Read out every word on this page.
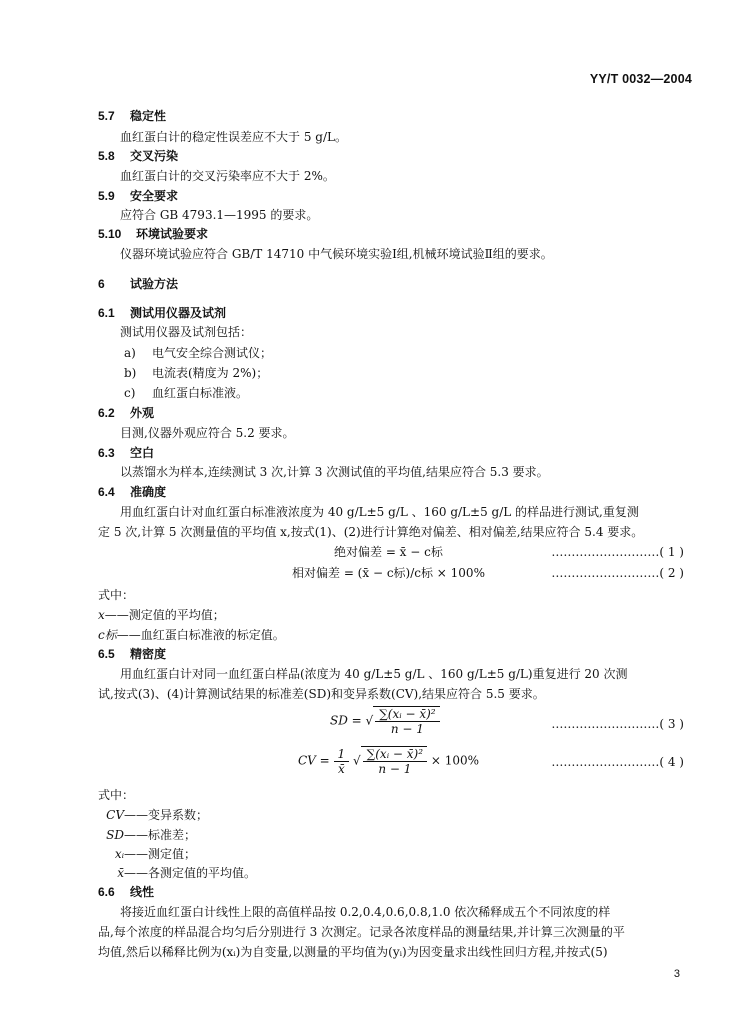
YY/T 0032—2004
5.7 稳定性
血红蛋白计的稳定性误差应不大于 5 g/L。
5.8 交叉污染
血红蛋白计的交叉污染率应不大于 2%。
5.9 安全要求
应符合 GB 4793.1—1995 的要求。
5.10 环境试验要求
仪器环境试验应符合 GB/T 14710 中气候环境实验Ⅰ组,机械环境试验Ⅱ组的要求。
6 试验方法
6.1 测试用仪器及试剂
测试用仪器及试剂包括：
a) 电气安全综合测试仪；
b) 电流表(精度为 2%)；
c) 血红蛋白标准液。
6.2 外观
目测,仪器外观应符合 5.2 要求。
6.3 空白
以蒸馏水为样本,连续测试 3 次,计算 3 次测试值的平均值,结果应符合 5.3 要求。
6.4 准确度
用血红蛋白计对血红蛋白标准液浓度为 40 g/L±5 g/L 、160 g/L±5 g/L 的样品进行测试,重复测
定 5 次,计算 5 次测量值的平均值 x,按式(1)、(2)进行计算绝对偏差、相对偏差,结果应符合 5.4 要求。
绝对偏差 = x̄ − c标	………………………( 1 )
相对偏差 = (x̄ − c标)/c标 × 100%	………………………( 2 )
式中：
x——测定值的平均值；
c标——血红蛋白标准液的标定值。
6.5 精密度
用血红蛋白计对同一血红蛋白样品(浓度为 40 g/L±5 g/L 、160 g/L±5 g/L)重复进行 20 次测
试,按式(3)、(4)计算测试结果的标准差(SD)和变异系数(CV),结果应符合 5.5 要求。
SD = √ $\frac{\text{∑(xᵢ − x̄)²}}{n - 1}$	………………………( 3 )
CV = $\frac{1}{x̄}$ √ $\frac{\text{∑(xᵢ − x̄)²}}{n - 1} \times 100\%$	………………………( 4 )
式中：
CV——变异系数；
SD——标准差；
xᵢ——测定值；
x̄——各测定值的平均值。
6.6 线性
将接近血红蛋白计线性上限的高值样品按 0.2,0.4,0.6,0.8,1.0 依次稀释成五个不同浓度的样
品,每个浓度的样品混合均匀后分别进行 3 次测定。记录各浓度样品的测量结果,并计算三次测量的平
均值,然后以稀释比例为(xᵢ)为自变量,以测量的平均值为(yᵢ)为因变量求出线性回归方程,并按式(5)
3
